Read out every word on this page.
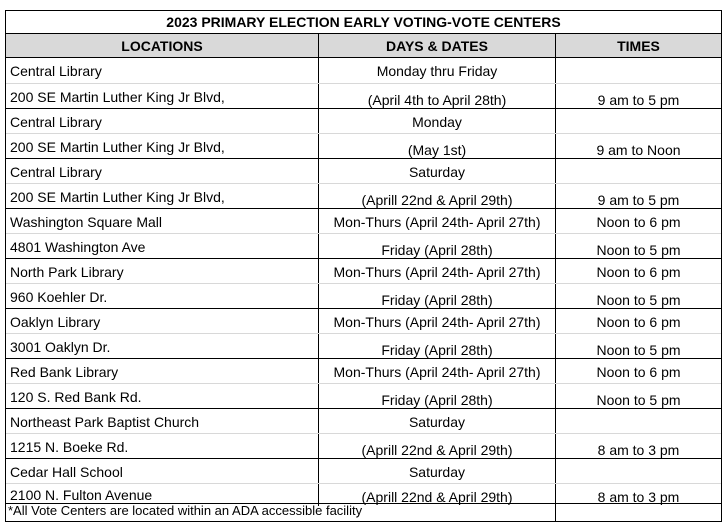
2023 PRIMARY ELECTION EARLY VOTING-VOTE CENTERS
LOCATIONS	DAYS & DATES	TIMES
Central Library	Monday thru Friday
200 SE Martin Luther King Jr Blvd,	(April 4th to April 28th)	9 am to 5 pm
Central Library	Monday
200 SE Martin Luther King Jr Blvd,	(May 1st)	9 am to Noon
Central Library	Saturday
200 SE Martin Luther King Jr Blvd,	(Aprill 22nd & April 29th)	9 am to 5 pm
Washington Square Mall	Mon-Thurs (April 24th- April 27th)	Noon to 6 pm
4801 Washington Ave	Friday (April 28th)	Noon to 5 pm
North Park Library	Mon-Thurs (April 24th- April 27th)	Noon to 6 pm
960 Koehler Dr.	Friday (April 28th)	Noon to 5 pm
Oaklyn Library	Mon-Thurs (April 24th- April 27th)	Noon to 6 pm
3001 Oaklyn Dr.	Friday (April 28th)	Noon to 5 pm
Red Bank Library	Mon-Thurs (April 24th- April 27th)	Noon to 6 pm
120 S. Red Bank Rd.	Friday (April 28th)	Noon to 5 pm
Northeast Park Baptist Church	Saturday
1215 N. Boeke Rd.	(Aprill 22nd & April 29th)	8 am to 3 pm
Cedar Hall School	Saturday
2100 N. Fulton Avenue	(Aprill 22nd & April 29th)	8 am to 3 pm
*All Vote Centers are located within an ADA accessible facility
